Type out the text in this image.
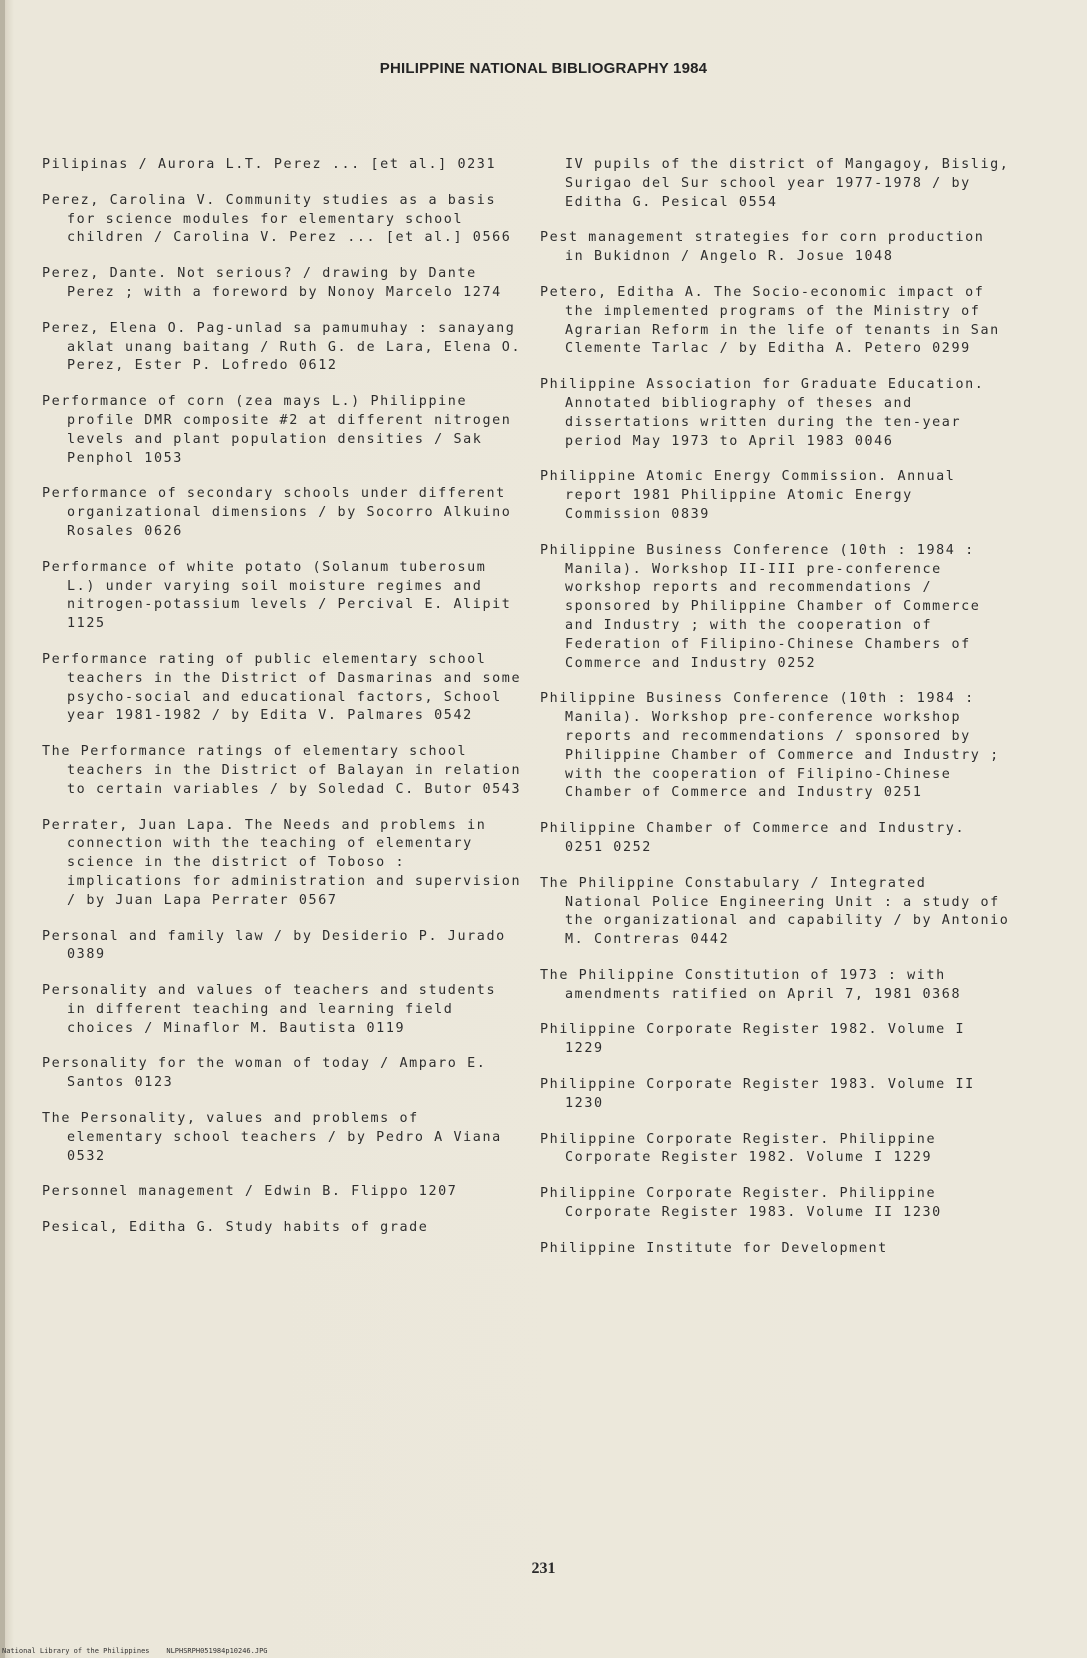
PHILIPPINE NATIONAL BIBLIOGRAPHY 1984
Pilipinas / Aurora L.T. Perez ... [et al.] 0231
Perez, Carolina V. Community studies as a basis for science modules for elementary school children / Carolina V. Perez ... [et al.] 0566
Perez, Dante. Not serious? / drawing by Dante Perez ; with a foreword by Nonoy Marcelo 1274
Perez, Elena O. Pag-unlad sa pamumuhay : sanayang aklat unang baitang / Ruth G. de Lara, Elena O. Perez, Ester P. Lofredo 0612
Performance of corn (zea mays L.) Philippine profile DMR composite #2 at different nitrogen levels and plant population densities / Sak Penphol 1053
Performance of secondary schools under different organizational dimensions / by Socorro Alkuino Rosales 0626
Performance of white potato (Solanum tuberosum L.) under varying soil moisture regimes and nitrogen-potassium levels / Percival E. Alipit 1125
Performance rating of public elementary school teachers in the District of Dasmarinas and some psycho-social and educational factors, School year 1981-1982 / by Edita V. Palmares 0542
The Performance ratings of elementary school teachers in the District of Balayan in relation to certain variables / by Soledad C. Butor 0543
Perrater, Juan Lapa. The Needs and problems in connection with the teaching of elementary science in the district of Toboso : implications for administration and supervision / by Juan Lapa Perrater 0567
Personal and family law / by Desiderio P. Jurado 0389
Personality and values of teachers and students in different teaching and learning field choices / Minaflor M. Bautista 0119
Personality for the woman of today / Amparo E. Santos 0123
The Personality, values and problems of elementary school teachers / by Pedro A Viana 0532
Personnel management / Edwin B. Flippo 1207
Pesical, Editha G. Study habits of grade
IV pupils of the district of Mangagoy, Bislig, Surigao del Sur school year 1977-1978 / by Editha G. Pesical 0554
Pest management strategies for corn production in Bukidnon / Angelo R. Josue 1048
Petero, Editha A. The Socio-economic impact of the implemented programs of the Ministry of Agrarian Reform in the life of tenants in San Clemente Tarlac / by Editha A. Petero 0299
Philippine Association for Graduate Education. Annotated bibliography of theses and dissertations written during the ten-year period May 1973 to April 1983 0046
Philippine Atomic Energy Commission. Annual report 1981 Philippine Atomic Energy Commission 0839
Philippine Business Conference (10th : 1984 : Manila). Workshop II-III pre-conference workshop reports and recommendations / sponsored by Philippine Chamber of Commerce and Industry ; with the cooperation of Federation of Filipino-Chinese Chambers of Commerce and Industry 0252
Philippine Business Conference (10th : 1984 : Manila). Workshop pre-conference workshop reports and recommendations / sponsored by Philippine Chamber of Commerce and Industry ; with the cooperation of Filipino-Chinese Chamber of Commerce and Industry 0251
Philippine Chamber of Commerce and Industry. 0251 0252
The Philippine Constabulary / Integrated National Police Engineering Unit : a study of the organizational and capability / by Antonio M. Contreras 0442
The Philippine Constitution of 1973 : with amendments ratified on April 7, 1981 0368
Philippine Corporate Register 1982. Volume I 1229
Philippine Corporate Register 1983. Volume II 1230
Philippine Corporate Register. Philippine Corporate Register 1982. Volume I 1229
Philippine Corporate Register. Philippine Corporate Register 1983. Volume II 1230
Philippine Institute for Development
231
National Library of the Philippines    NLPHSRPH051984p10246.JPG
